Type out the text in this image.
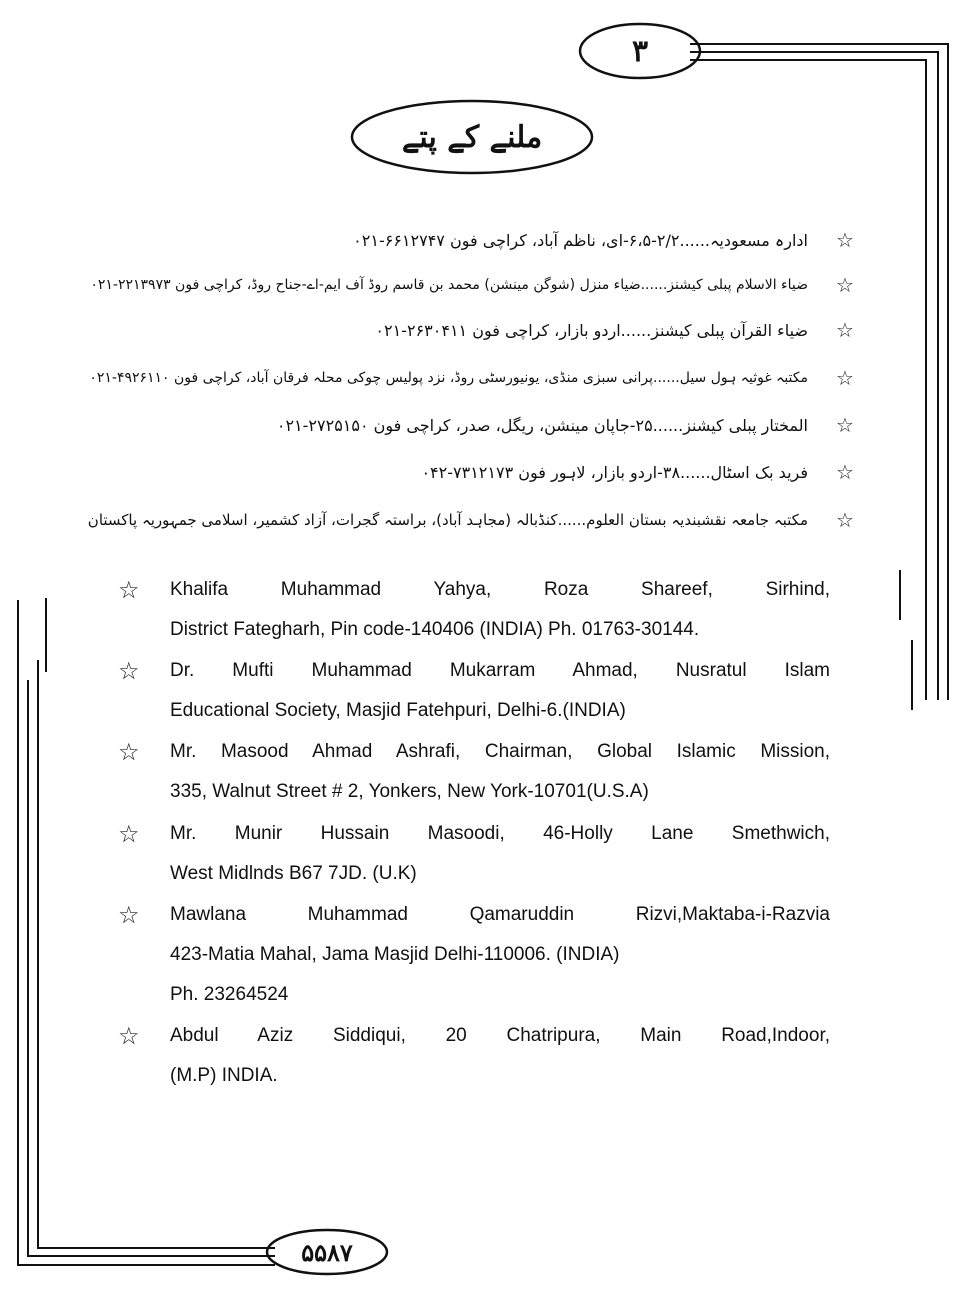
٣
ملنے کے پتے
☆
ادارہ مسعودیہ......۲/۲-۶،۵-ای، ناظم آباد، کراچی فون ۶۶۱۲۷۴۷-۰۲۱
☆
ضیاء الاسلام پبلی کیشنز......ضیاء منزل (شوگن مینشن) محمد بن قاسم روڈ آف ایم-اے-جناح روڈ، کراچی فون ۲۲۱۳۹۷۳-۰۲۱
☆
ضیاء القرآن پبلی کیشنز......اردو بازار، کراچی فون ۲۶۳۰۴۱۱-۰۲۱
☆
مکتبہ غوثیہ ہول سیل......پرانی سبزی منڈی، یونیورسٹی روڈ، نزد پولیس چوکی محلہ فرقان آباد، کراچی فون ۴۹۲۶۱۱۰-۰۲۱
☆
المختار پبلی کیشنز......۲۵-جاپان مینشن، ریگل، صدر، کراچی فون ۲۷۲۵۱۵۰-۰۲۱
☆
فرید بک اسٹال......۳۸-اردو بازار، لاہور فون ۷۳۱۲۱۷۳-۰۴۲
☆
مکتبہ جامعہ نقشبندیہ بستان العلوم......کنڈبالہ (مجاہد آباد)، براستہ گجرات، آزاد کشمیر، اسلامی جمہوریہ پاکستان
☆ Khalifa Muhammad Yahya, Roza Shareef, Sirhind,
District Fategharh, Pin code-140406 (INDIA) Ph. 01763-30144.
☆ Dr. Mufti Muhammad Mukarram Ahmad, Nusratul Islam
Educational Society, Masjid Fatehpuri, Delhi-6.(INDIA)
☆ Mr. Masood Ahmad Ashrafi, Chairman, Global Islamic Mission,
335, Walnut Street # 2, Yonkers, New York-10701(U.S.A)
☆ Mr. Munir Hussain Masoodi, 46-Holly Lane Smethwich,
West Midlnds B67 7JD. (U.K)
☆ Mawlana Muhammad Qamaruddin Rizvi,Maktaba-i-Razvia
423-Matia Mahal, Jama Masjid Delhi-110006. (INDIA)
Ph. 23264524
☆ Abdul Aziz Siddiqui, 20 Chatripura, Main Road,Indoor,
(M.P) INDIA.
۵۵۸۷
